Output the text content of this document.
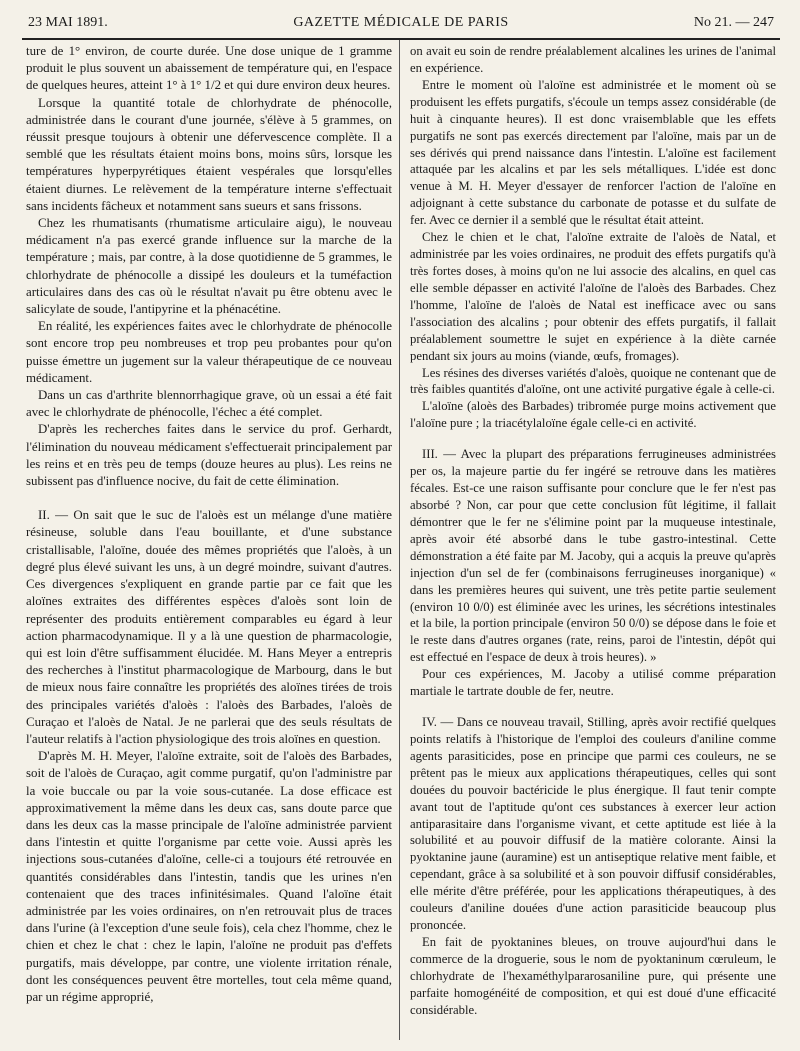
23 MAI 1891.	GAZETTE MÉDICALE DE PARIS	No 21. — 247

ture de 1° environ, de courte durée. Une dose unique de 1 gramme produit le plus souvent un abaissement de température qui, en l'espace de quelques heures, atteint 1° à 1° 1/2 et qui dure environ deux heures.

Lorsque la quantité totale de chlorhydrate de phénocolle, administrée dans le courant d'une journée, s'élève à 5 grammes, on réussit presque toujours à obtenir une défervescence complète. Il a semblé que les résultats étaient moins bons, moins sûrs, lorsque les températures hyperpyrétiques étaient vespérales que lorsqu'elles étaient diurnes. Le relèvement de la température interne s'effectuait sans incidents fâcheux et notamment sans sueurs et sans frissons.

Chez les rhumatisants (rhumatisme articulaire aigu), le nouveau médicament n'a pas exercé grande influence sur la marche de la température ; mais, par contre, à la dose quotidienne de 5 grammes, le chlorhydrate de phénocolle a dissipé les douleurs et la tuméfaction articulaires dans des cas où le résultat n'avait pu être obtenu avec le salicylate de soude, l'antipyrine et la phénacétine.

En réalité, les expériences faites avec le chlorhydrate de phénocolle sont encore trop peu nombreuses et trop peu probantes pour qu'on puisse émettre un jugement sur la valeur thérapeutique de ce nouveau médicament.

Dans un cas d'arthrite blennorrhagique grave, où un essai a été fait avec le chlorhydrate de phénocolle, l'échec a été complet.

D'après les recherches faites dans le service du prof. Gerhardt, l'élimination du nouveau médicament s'effectuerait principalement par les reins et en très peu de temps (douze heures au plus). Les reins ne subissent pas d'influence nocive, du fait de cette élimination.

II. — On sait que le suc de l'aloès est un mélange d'une matière résineuse, soluble dans l'eau bouillante, et d'une substance cristallisable, l'aloïne, douée des mêmes propriétés que l'aloès, à un degré plus élevé suivant les uns, à un degré moindre, suivant d'autres. Ces divergences s'expliquent en grande partie par ce fait que les aloïnes extraites des différentes espèces d'aloès sont loin de représenter des produits entièrement comparables eu égard à leur action pharmacodynamique. Il y a là une question de pharmacologie, qui est loin d'être suffisamment élucidée. M. Hans Meyer a entrepris des recherches à l'institut pharmacologique de Marbourg, dans le but de mieux nous faire connaître les propriétés des aloïnes tirées de trois des principales variétés d'aloès : l'aloès des Barbades, l'aloès de Curaçao et l'aloès de Natal. Je ne parlerai que des seuls résultats de l'auteur relatifs à l'action physiologique des trois aloïnes en question.

D'après M. H. Meyer, l'aloïne extraite, soit de l'aloès des Barbades, soit de l'aloès de Curaçao, agit comme purgatif, qu'on l'administre par la voie buccale ou par la voie sous-cutanée. La dose efficace est approximativement la même dans les deux cas, sans doute parce que dans les deux cas la masse principale de l'aloïne administrée parvient dans l'intestin et quitte l'organisme par cette voie. Aussi après les injections sous-cutanées d'aloïne, celle-ci a toujours été retrouvée en quantités considérables dans l'intestin, tandis que les urines n'en contenaient que des traces infinitésimales. Quand l'aloïne était administrée par les voies ordinaires, on n'en retrouvait plus de traces dans l'urine (à l'exception d'une seule fois), cela chez l'homme, chez le chien et chez le chat : chez le lapin, l'aloïne ne produit pas d'effets purgatifs, mais développe, par contre, une violente irritation rénale, dont les conséquences peuvent être mortelles, tout cela même quand, par un régime approprié,

on avait eu soin de rendre préalablement alcalines les urines de l'animal en expérience.

Entre le moment où l'aloïne est administrée et le moment où se produisent les effets purgatifs, s'écoule un temps assez considérable (de huit à cinquante heures). Il est donc vraisemblable que les effets purgatifs ne sont pas exercés directement par l'aloïne, mais par un de ses dérivés qui prend naissance dans l'intestin. L'aloïne est facilement attaquée par les alcalins et par les sels métalliques. L'idée est donc venue à M. H. Meyer d'essayer de renforcer l'action de l'aloïne en adjoignant à cette substance du carbonate de potasse et du sulfate de fer. Avec ce dernier il a semblé que le résultat était atteint.

Chez le chien et le chat, l'aloïne extraite de l'aloès de Natal, et administrée par les voies ordinaires, ne produit des effets purgatifs qu'à très fortes doses, à moins qu'on ne lui associe des alcalins, en quel cas elle semble dépasser en activité l'aloïne de l'aloès des Barbades. Chez l'homme, l'aloïne de l'aloès de Natal est inefficace avec ou sans l'association des alcalins ; pour obtenir des effets purgatifs, il fallait préalablement soumettre le sujet en expérience à la diète carnée pendant six jours au moins (viande, œufs, fromages).

Les résines des diverses variétés d'aloès, quoique ne contenant que de très faibles quantités d'aloïne, ont une activité purgative égale à celle-ci.

L'aloïne (aloès des Barbades) tribromée purge moins activement que l'aloïne pure ; la triacétylaloïne égale celle-ci en activité.

III. — Avec la plupart des préparations ferrugineuses administrées per os, la majeure partie du fer ingéré se retrouve dans les matières fécales. Est-ce une raison suffisante pour conclure que le fer n'est pas absorbé ? Non, car pour que cette conclusion fût légitime, il fallait démontrer que le fer ne s'élimine point par la muqueuse intestinale, après avoir été absorbé dans le tube gastro-intestinal. Cette démonstration a été faite par M. Jacoby, qui a acquis la preuve qu'après injection d'un sel de fer (combinaisons ferrugineuses inorganique) « dans les premières heures qui suivent, une très petite partie seulement (environ 10 0/0) est éliminée avec les urines, les sécrétions intestinales et la bile, la portion principale (environ 50 0/0) se dépose dans le foie et le reste dans d'autres organes (rate, reins, paroi de l'intestin, dépôt qui est effectué en l'espace de deux à trois heures). »

Pour ces expériences, M. Jacoby a utilisé comme préparation martiale le tartrate double de fer, neutre.

IV. — Dans ce nouveau travail, Stilling, après avoir rectifié quelques points relatifs à l'historique de l'emploi des couleurs d'aniline comme agents parasiticides, pose en principe que parmi ces couleurs, ne se prêtent pas le mieux aux applications thérapeutiques, celles qui sont douées du pouvoir bactéricide le plus énergique. Il faut tenir compte avant tout de l'aptitude qu'ont ces substances à exercer leur action antiparasitaire dans l'organisme vivant, et cette aptitude est liée à la solubilité et au pouvoir diffusif de la matière colorante. Ainsi la pyoktanine jaune (auramine) est un antiseptique relative ment faible, et cependant, grâce à sa solubilité et à son pouvoir diffusif considérables, elle mérite d'être préférée, pour les applications thérapeutiques, à des couleurs d'aniline douées d'une action parasiticide beaucoup plus prononcée.

En fait de pyoktanines bleues, on trouve aujourd'hui dans le commerce de la droguerie, sous le nom de pyoktaninum cœruleum, le chlorhydrate de l'hexaméthylpararosaniline pure, qui présente une parfaite homogénéité de composition, et qui est doué d'une efficacité considérable.
